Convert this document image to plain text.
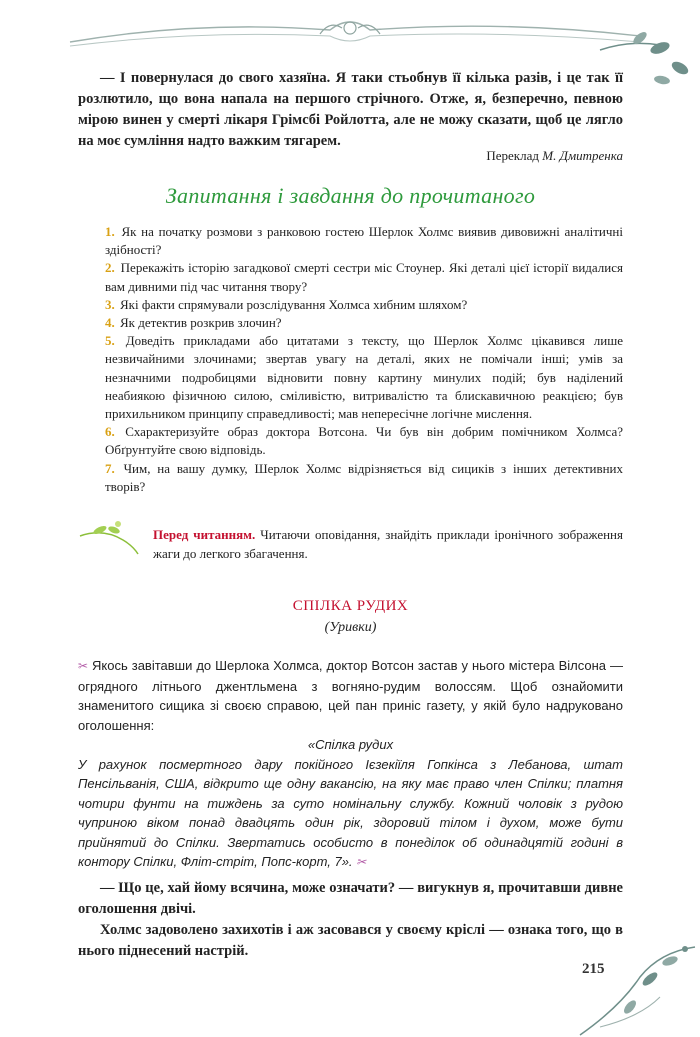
— І повернулася до свого хазяїна. Я таки стьобнув її кілька разів, і це так її розлютило, що вона напала на першого стрічного. Отже, я, безперечно, певною мірою винен у смерті лікаря Грімсбі Ройлотта, але не можу сказати, щоб це лягло на моє сумління надто важким тягарем.

Переклад М. Дмитренка
Запитання і завдання до прочитаного

1. Як на початку розмови з ранковою гостею Шерлок Холмс виявив дивовижні аналітичні здібності?

2. Перекажіть історію загадкової смерті сестри міс Стоунер. Які деталі цієї історії видалися вам дивними під час читання твору?

3. Які факти спрямували розслідування Холмса хибним шляхом?

4. Як детектив розкрив злочин?

5. Доведіть прикладами або цитатами з тексту, що Шерлок Холмс цікавився лише незвичайними злочинами; звертав увагу на деталі, яких не помічали інші; умів за незначними подробицями відновити повну картину минулих подій; був наділений неабиякою фізичною силою, сміливістю, витривалістю та блискавичною реакцією; був прихильником принципу справедливості; мав непересічне логічне мислення.

6. Схарактеризуйте образ доктора Вотсона. Чи був він добрим помічником Холмса? Обґрунтуйте свою відповідь.

7. Чим, на вашу думку, Шерлок Холмс відрізняється від сициків з інших детективних творів?

Перед читанням. Читаючи оповідання, знайдіть приклади іронічного зображення жаги до легкого збагачення.
СПІЛКА РУДИХ
(Уривки)

✂ Якось завітавши до Шерлока Холмса, доктор Вотсон застав у нього містера Вілсона — огрядного літнього джентльмена з вогняно-рудим волоссям. Щоб ознайомити знаменитого сищика зі своєю справою, цей пан приніс газету, у якій було надруковано оголошення:

«Спілка рудих

У рахунок посмертного дару покійного Ієзекіїля Гопкінса з Лебанова, штат Пенсільванія, США, відкрито ще одну вакансію, на яку має право член Спілки; платня чотири фунти на тиждень за суто номінальну службу. Кожний чоловік з рудою чуприною віком понад двадцять один рік, здоровий тілом і духом, може бути прийнятий до Спілки. Звертатись особисто в понеділок об одинадцятій годині в контору Спілки, Фліт-стріт, Попс-корт, 7». ✂

— Що це, хай йому всячина, може означати? — вигукнув я, прочитавши дивне оголошення двічі.

Холмс задоволено захихотів і аж засовався у своєму кріслі — ознака того, що в нього піднесений настрій.

215
